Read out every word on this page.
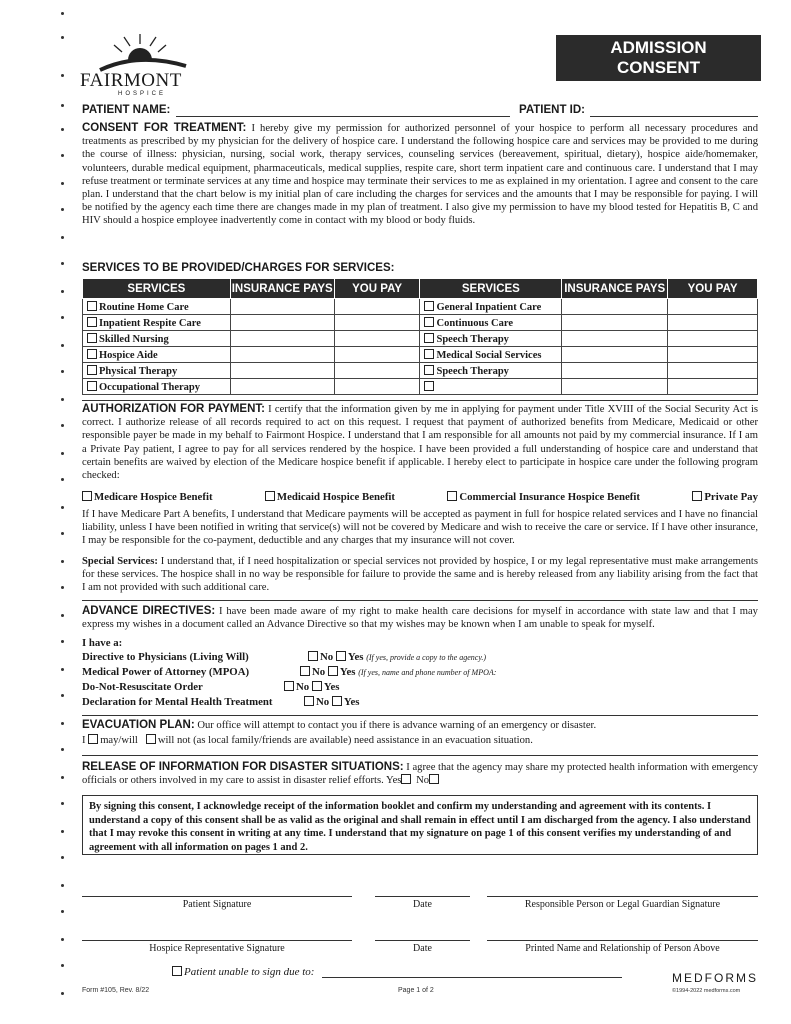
FAIRMONT
HOSPICE
ADMISSION
CONSENT
PATIENT NAME:	PATIENT ID:
CONSENT FOR TREATMENT: I hereby give my permission for authorized personnel of your hospice to perform all necessary procedures and treatments as prescribed by my physician for the delivery of hospice care. I understand the following hospice care and services may be provided to me during the course of illness: physician, nursing, social work, therapy services, counseling services (bereavement, spiritual, dietary), hospice aide/homemaker, volunteers, durable medical equipment, pharmaceuticals, medical supplies, respite care, short term inpatient care and continuous care. I understand that I may refuse treatment or terminate services at any time and hospice may terminate their services to me as explained in my orientation. I agree and consent to the care plan. I understand that the chart below is my initial plan of care including the charges for services and the amounts that I may be responsible for paying. I will be notified by the agency each time there are changes made in my plan of treatment. I also give my permission to have my blood tested for Hepatitis B, C and HIV should a hospice employee inadvertently come in contact with my blood or body fluids.
SERVICES TO BE PROVIDED/CHARGES FOR SERVICES:
SERVICES	INSURANCE PAYS	YOU PAY	SERVICES	INSURANCE PAYS	YOU PAY
Routine Home Care			General Inpatient Care		
Inpatient Respite Care			Continuous Care		
Skilled Nursing			Speech Therapy		
Hospice Aide			Medical Social Services		
Physical Therapy			Speech Therapy		
Occupational Therapy					
AUTHORIZATION FOR PAYMENT: I certify that the information given by me in applying for payment under Title XVIII of the Social Security Act is correct. I authorize release of all records required to act on this request. I request that payment of authorized benefits from Medicare, Medicaid or other responsible payer be made in my behalf to Fairmont Hospice. I understand that I am responsible for all amounts not paid by my commercial insurance. If I am a Private Pay patient, I agree to pay for all services rendered by the hospice. I have been provided a full understanding of hospice care and understand that certain benefits are waived by election of the Medicare hospice benefit if applicable. I hereby elect to participate in hospice care under the following program checked:
Medicare Hospice Benefit	Medicaid Hospice Benefit	Commercial Insurance Hospice Benefit	Private Pay
If I have Medicare Part A benefits, I understand that Medicare payments will be accepted as payment in full for hospice related services and I have no financial liability, unless I have been notified in writing that service(s) will not be covered by Medicare and wish to receive the care or service. If I have other insurance, I may be responsible for the co-payment, deductible and any charges that my insurance will not cover.
Special Services: I understand that, if I need hospitalization or special services not provided by hospice, I or my legal representative must make arrangements for these services. The hospice shall in no way be responsible for failure to provide the same and is hereby released from any liability arising from the fact that I am not provided with such additional care.
ADVANCE DIRECTIVES: I have been made aware of my right to make health care decisions for myself in accordance with state law and that I may express my wishes in a document called an Advance Directive so that my wishes may be known when I am unable to speak for myself.
I have a:
Directive to Physicians (Living Will)	No Yes (If yes, provide a copy to the agency.)
Medical Power of Attorney (MPOA)	No Yes (If yes, name and phone number of MPOA:
Do-Not-Resuscitate Order	No Yes
Declaration for Mental Health Treatment	No Yes
EVACUATION PLAN: Our office will attempt to contact you if there is advance warning of an emergency or disaster.
I may/will will not (as local family/friends are available) need assistance in an evacuation situation.
RELEASE OF INFORMATION FOR DISASTER SITUATIONS: I agree that the agency may share my protected health information with emergency officials or others involved in my care to assist in disaster relief efforts. Yes No
By signing this consent, I acknowledge receipt of the information booklet and confirm my understanding and agreement with its contents. I understand a copy of this consent shall be as valid as the original and shall remain in effect until I am discharged from the agency. I also understand that I may revoke this consent in writing at any time. I understand that my signature on page 1 of this consent verifies my understanding of and agreement with all information on pages 1 and 2.
Patient Signature	Date	Responsible Person or Legal Guardian Signature
Hospice Representative Signature	Date	Printed Name and Relationship of Person Above
Patient unable to sign due to:
Form #105, Rev. 8/22	Page 1 of 2
MEDFORMS
©1994-2022 medforms.com
